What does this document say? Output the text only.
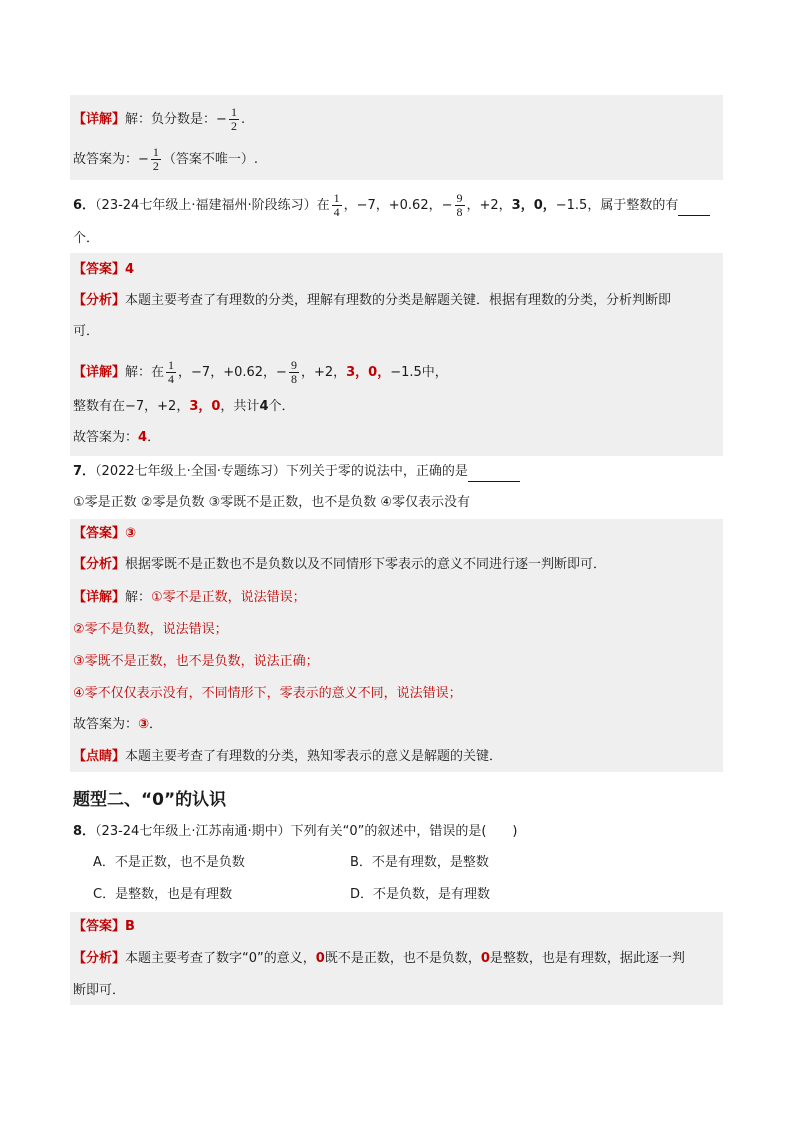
【详解】解：负分数是：− $\frac{1}{2}$ .
故答案为：− $\frac{1}{2}$ （答案不唯一）.
6．（23-24七年级上·福建福州·阶段练习）在 $\frac{1}{4}$ ，−7，+0.62，− $\frac{9}{8}$ ，+2，3，0，−1.5，属于整数的有
个．
【答案】4
【分析】本题主要考查了有理数的分类，理解有理数的分类是解题关键．根据有理数的分类，分析判断即
可．
【详解】解：在 $\frac{1}{4}$ ，−7，+0.62，− $\frac{9}{8}$ ，+2，3，0，−1.5中，
整数有在−7，+2，3，0，共计4个．
故答案为：4．
7．（2022七年级上·全国·专题练习）下列关于零的说法中，正确的是
①零是正数 ②零是负数 ③零既不是正数，也不是负数 ④零仅表示没有
【答案】③
【分析】根据零既不是正数也不是负数以及不同情形下零表示的意义不同进行逐一判断即可．
【详解】解：①零不是正数，说法错误；
②零不是负数，说法错误；
③零既不是正数，也不是负数，说法正确；
④零不仅仅表示没有，不同情形下，零表示的意义不同，说法错误；
故答案为：③．
【点睛】本题主要考查了有理数的分类，熟知零表示的意义是解题的关键．
题型二、“0”的认识
8．（23-24七年级上·江苏南通·期中）下列有关“0”的叙述中，错误的是(　　)
A．不是正数，也不是负数	B．不是有理数，是整数
C．是整数，也是有理数	D．不是负数，是有理数
【答案】B
【分析】本题主要考查了数字“0”的意义，0既不是正数，也不是负数，0是整数，也是有理数，据此逐一判
断即可．
